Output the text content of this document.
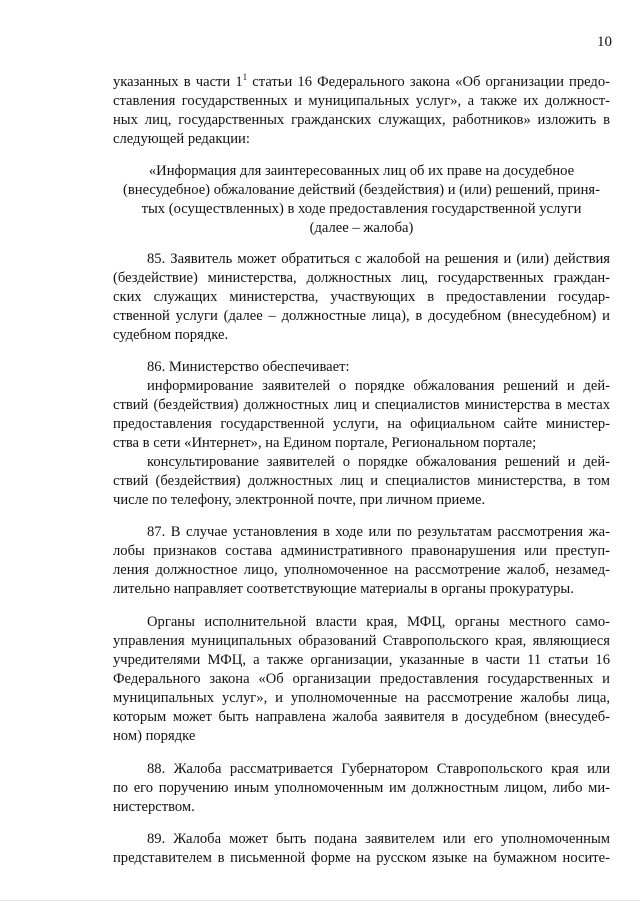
10
указанных в части $1^1$ статьи 16 Федерального закона «Об организации предо-
ставления государственных и муниципальных услуг», а также их должност-
ных лиц, государственных гражданских служащих, работников» изложить в
следующей редакции:
«Информация для заинтересованных лиц об их праве на досудебное
(внесудебное) обжалование действий (бездействия) и (или) решений, приня-
тых (осуществленных) в ходе предоставления государственной услуги
(далее – жалоба)
85. Заявитель может обратиться с жалобой на решения и (или) действия
(бездействие) министерства, должностных лиц, государственных граждан-
ских служащих министерства, участвующих в предоставлении государ-
ственной услуги (далее – должностные лица), в досудебном (внесудебном) и
судебном порядке.
86. Министерство обеспечивает:
информирование заявителей о порядке обжалования решений и дей-
ствий (бездействия) должностных лиц и специалистов министерства в местах
предоставления государственной услуги, на официальном сайте министер-
ства в сети «Интернет», на Едином портале, Региональном портале;
консультирование заявителей о порядке обжалования решений и дей-
ствий (бездействия) должностных лиц и специалистов министерства, в том
числе по телефону, электронной почте, при личном приеме.
87. В случае установления в ходе или по результатам рассмотрения жа-
лобы признаков состава административного правонарушения или преступ-
ления должностное лицо, уполномоченное на рассмотрение жалоб, незамед-
лительно направляет соответствующие материалы в органы прокуратуры.
Органы исполнительной власти края, МФЦ, органы местного само-
управления муниципальных образований Ставропольского края, являющиеся
учредителями МФЦ, а также организации, указанные в части 11 статьи 16
Федерального закона «Об организации предоставления государственных и
муниципальных услуг», и уполномоченные на рассмотрение жалобы лица,
которым может быть направлена жалоба заявителя в досудебном (внесудеб-
ном) порядке
88. Жалоба рассматривается Губернатором Ставропольского края или
по его поручению иным уполномоченным им должностным лицом, либо ми-
нистерством.
89. Жалоба может быть подана заявителем или его уполномоченным
представителем в письменной форме на русском языке на бумажном носите-
